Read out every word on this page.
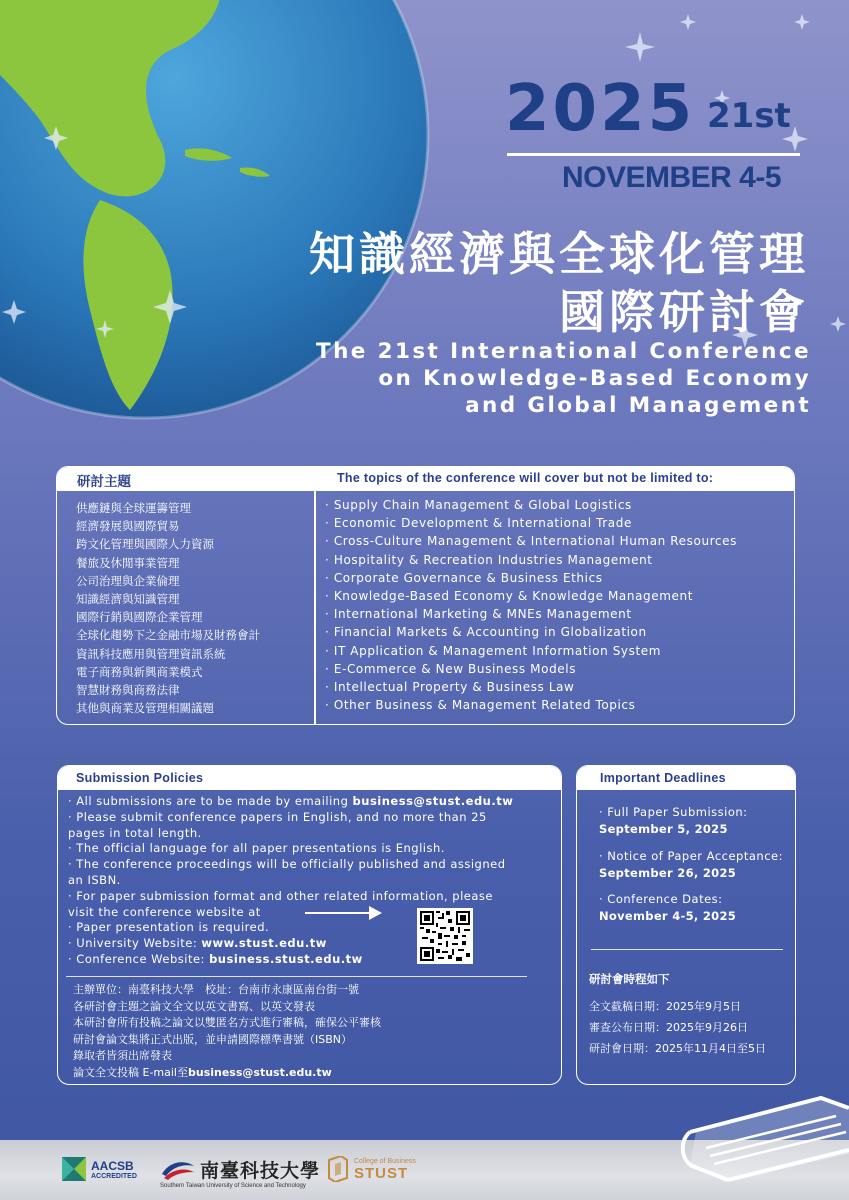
2025 21st
NOVEMBER 4-5
知識經濟與全球化管理
國際研討會
The 21st International Conference
on Knowledge-Based Economy
and Global Management
研討主題	The topics of the conference will cover but not be limited to:
供應鏈與全球運籌管理
經濟發展與國際貿易
跨文化管理與國際人力資源
餐旅及休閒事業管理
公司治理與企業倫理
知識經濟與知識管理
國際行銷與國際企業管理
全球化趨勢下之金融市場及財務會計
資訊科技應用與管理資訊系統
電子商務與新興商業模式
智慧財務與商務法律
其他與商業及管理相關議題
· Supply Chain Management & Global Logistics
· Economic Development & International Trade
· Cross-Culture Management & International Human Resources
· Hospitality & Recreation Industries Management
· Corporate Governance & Business Ethics
· Knowledge-Based Economy & Knowledge Management
· International Marketing & MNEs Management
· Financial Markets & Accounting in Globalization
· IT Application & Management Information System
· E-Commerce & New Business Models
· Intellectual Property & Business Law
· Other Business & Management Related Topics
Submission Policies
· All submissions are to be made by emailing business@stust.edu.tw
· Please submit conference papers in English, and no more than 25
pages in total length.
· The official language for all paper presentations is English.
· The conference proceedings will be officially published and assigned
an ISBN.
· For paper submission format and other related information, please
visit the conference website at
· Paper presentation is required.
· University Website: www.stust.edu.tw
· Conference Website: business.stust.edu.tw
主辦單位：南臺科技大學　校址：台南市永康區南台街一號
各研討會主題之論文全文以英文書寫、以英文發表
本研討會所有投稿之論文以雙匿名方式進行審稿，確保公平審核
研討會論文集將正式出版，並申請國際標準書號（ISBN）
錄取者皆須出席發表
論文全文投稿 E-mail至business@stust.edu.tw
Important Deadlines
· Full Paper Submission:
September 5, 2025
· Notice of Paper Acceptance:
September 26, 2025
· Conference Dates:
November 4-5, 2025
研討會時程如下
全文截稿日期：2025年9月5日
審查公布日期：2025年9月26日
研討會日期：2025年11月4日至5日
AACSB
ACCREDITED	南臺科技大學
Southern Taiwan University of Science and Technology
College of Business
STUST
